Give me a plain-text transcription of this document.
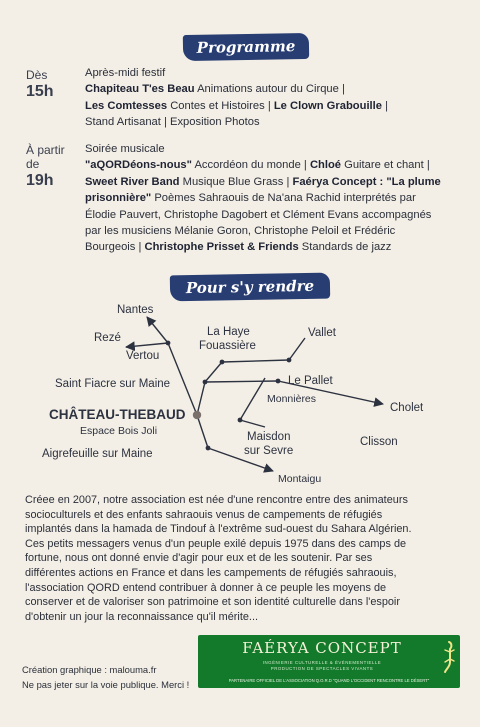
Programme
Dès
15h
Après-midi festif
Chapiteau T'es Beau Animations autour du Cirque |
Les Comtesses Contes et Histoires | Le Clown Grabouille |
Stand Artisanat | Exposition Photos
À partir
de
19h
Soirée musicale
"aQORDéons-nous" Accordéon du monde | Chloé Guitare et chant |
Sweet River Band Musique Blue Grass | Faérya Concept : "La plume
prisonnière" Poèmes Sahraouis de Na'ana Rachid interprétés par
Élodie Pauvert, Christophe Dagobert et Clément Evans accompagnés
par les musiciens Mélanie Goron, Christophe Peloil et Frédéric
Bourgeois | Christophe Prisset & Friends Standards de jazz
Pour s'y rendre
Nantes
Rezé
Vertou
La Haye
Fouassière
Vallet
Saint Fiacre sur Maine	Le Pallet
Monnières
Cholet
CHÂTEAU-THEBAUD
Espace Bois Joli	Maisdon
sur Sevre
Clisson
Aigrefeuille sur Maine
Montaigu
Créee en 2007, notre association est née d'une rencontre entre des animateurs
socioculturels et des enfants sahraouis venus de campements de réfugiés
implantés dans la hamada de Tindouf à l'extrême sud-ouest du Sahara Algérien.
Ces petits messagers venus d'un peuple exilé depuis 1975 dans des camps de
fortune, nous ont donné envie d'agir pour eux et de les soutenir. Par ses
différentes actions en France et dans les campements de réfugiés sahraouis,
l'association QORD entend contribuer à donner à ce peuple les moyens de
conserver et de valoriser son patrimoine et son identité culturelle dans l'espoir
d'obtenir un jour la reconnaissance qu'il mérite...
Création graphique : malouma.fr
Ne pas jeter sur la voie publique. Merci !
FAÉRYA CONCEPT
INGÉNIERIE CULTURELLE & ÉVÉNEMENTIELLE
PRODUCTION DE SPECTACLES VIVANTS
PARTENAIRE OFFICIEL DE L'ASSOCIATION Q.O.R.D "QUAND L'OCCIDENT RENCONTRE LE DÉSERT"
